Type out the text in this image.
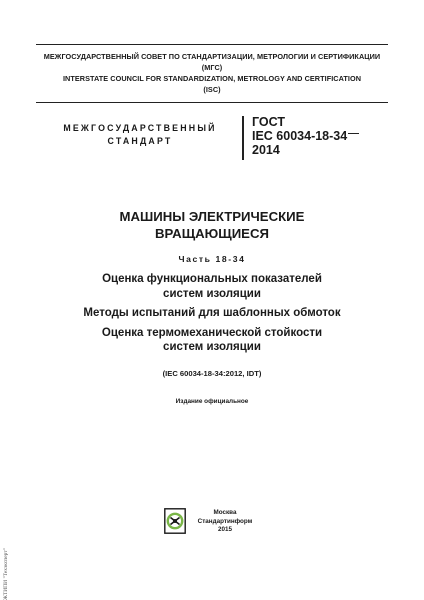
МЕЖГОСУДАРСТВЕННЫЙ СОВЕТ ПО СТАНДАРТИЗАЦИИ, МЕТРОЛОГИИ И СЕРТИФИКАЦИИ
(МГС)
INTERSTATE COUNCIL FOR STANDARDIZATION, METROLOGY AND CERTIFICATION
(ISC)
МЕЖГОСУДАРСТВЕННЫЙ
СТАНДАРТ
ГОСТ
IEC 60034-18-34
2014
МАШИНЫ ЭЛЕКТРИЧЕСКИЕ
ВРАЩАЮЩИЕСЯ
Часть 18-34
Оценка функциональных показателей
систем изоляции
Методы испытаний для шаблонных обмоток
Оценка термомеханической стойкости
систем изоляции
(IEC 60034-18-34:2012, IDT)
Издание официальное
Москва
Стандартинформ
2015
ЖТИПИ "Техэксперт"
